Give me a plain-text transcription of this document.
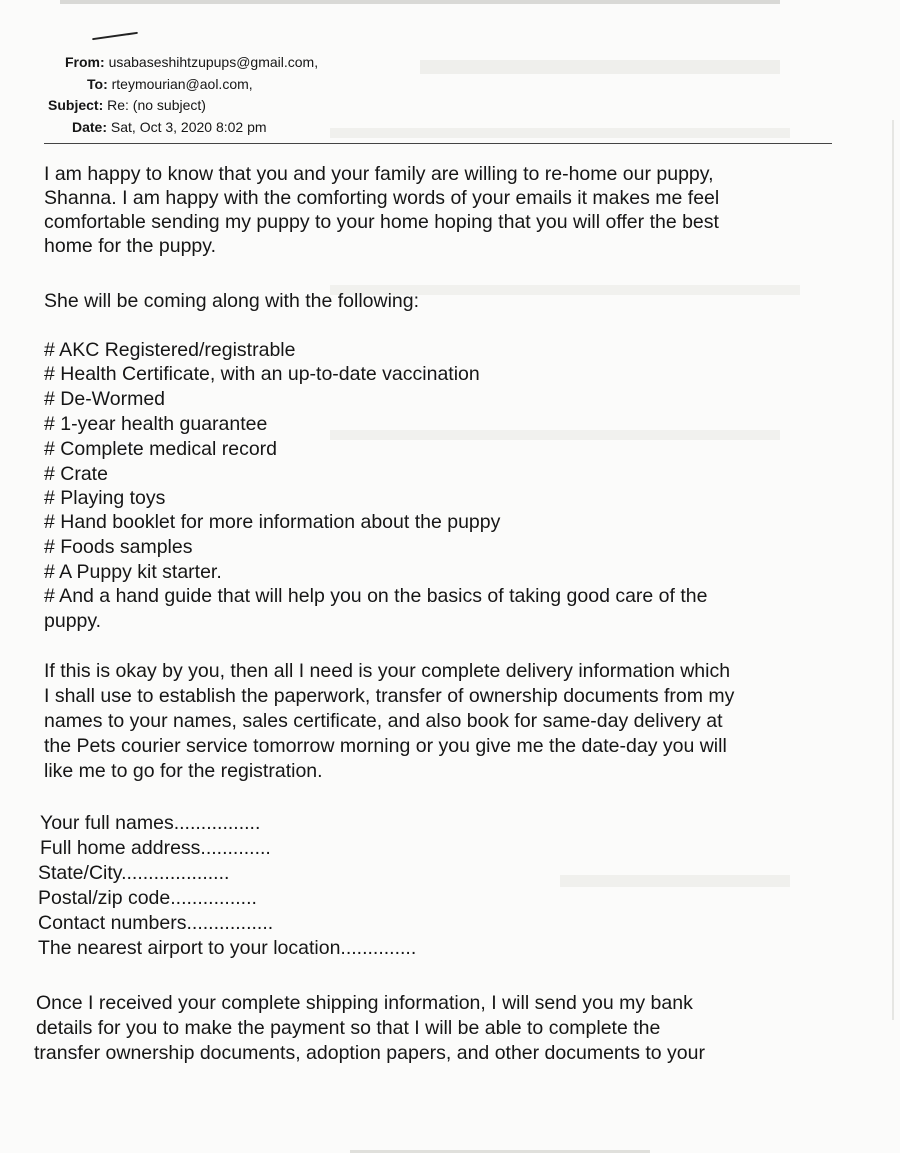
From: usabaseshihtzupups@gmail.com,
To: rteymourian@aol.com,
Subject: Re: (no subject)
Date: Sat, Oct 3, 2020 8:02 pm
I am happy to know that you and your family are willing to re-home our puppy,
Shanna. I am happy with the comforting words of your emails it makes me feel
comfortable sending my puppy to your home hoping that you will offer the best
home for the puppy.
She will be coming along with the following:
# AKC Registered/registrable
# Health Certificate, with an up-to-date vaccination
# De-Wormed
# 1-year health guarantee
# Complete medical record
# Crate
# Playing toys
# Hand booklet for more information about the puppy
# Foods samples
# A Puppy kit starter.
# And a hand guide that will help you on the basics of taking good care of the
puppy.
If this is okay by you, then all I need is your complete delivery information which
I shall use to establish the paperwork, transfer of ownership documents from my
names to your names, sales certificate, and also book for same-day delivery at
the Pets courier service tomorrow morning or you give me the date-day you will
like me to go for the registration.
Your full names................
Full home address.............
State/City....................
Postal/zip code................
Contact numbers................
The nearest airport to your location..............
Once I received your complete shipping information, I will send you my bank
details for you to make the payment so that I will be able to complete the
transfer ownership documents, adoption papers, and other documents to your
